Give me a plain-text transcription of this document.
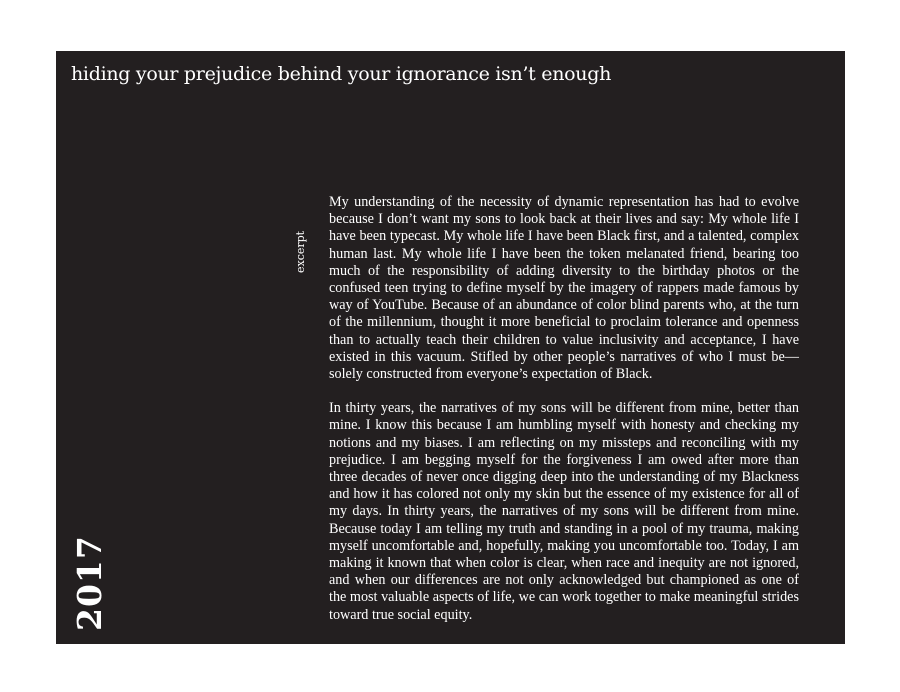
hiding your prejudice behind your ignorance isn’t enough
excerpt
2017

My understanding of the necessity of dynamic representation has had to evolve because I don’t want my sons to look back at their lives and say: My whole life I have been typecast. My whole life I have been Black first, and a talented, complex human last. My whole life I have been the token melanated friend, bearing too much of the responsibility of adding diversity to the birthday photos or the confused teen trying to define myself by the imagery of rappers made famous by way of YouTube. Because of an abundance of color blind parents who, at the turn of the millennium, thought it more beneficial to proclaim tolerance and openness than to actually teach their children to value inclusivity and acceptance, I have existed in this vacuum. Stifled by other people’s narratives of who I must be—solely constructed from everyone’s expectation of Black.

In thirty years, the narratives of my sons will be different from mine, better than mine. I know this because I am humbling myself with honesty and checking my notions and my biases. I am reflecting on my missteps and reconciling with my prejudice. I am begging myself for the forgiveness I am owed after more than three decades of never once digging deep into the understanding of my Blackness and how it has colored not only my skin but the essence of my existence for all of my days. In thirty years, the narratives of my sons will be different from mine. Because today I am telling my truth and standing in a pool of my trauma, making myself uncomfortable and, hopefully, making you uncomfortable too. Today, I am making it known that when color is clear, when race and inequity are not ignored, and when our differences are not only acknowledged but championed as one of the most valuable aspects of life, we can work together to make meaningful strides toward true social equity.
